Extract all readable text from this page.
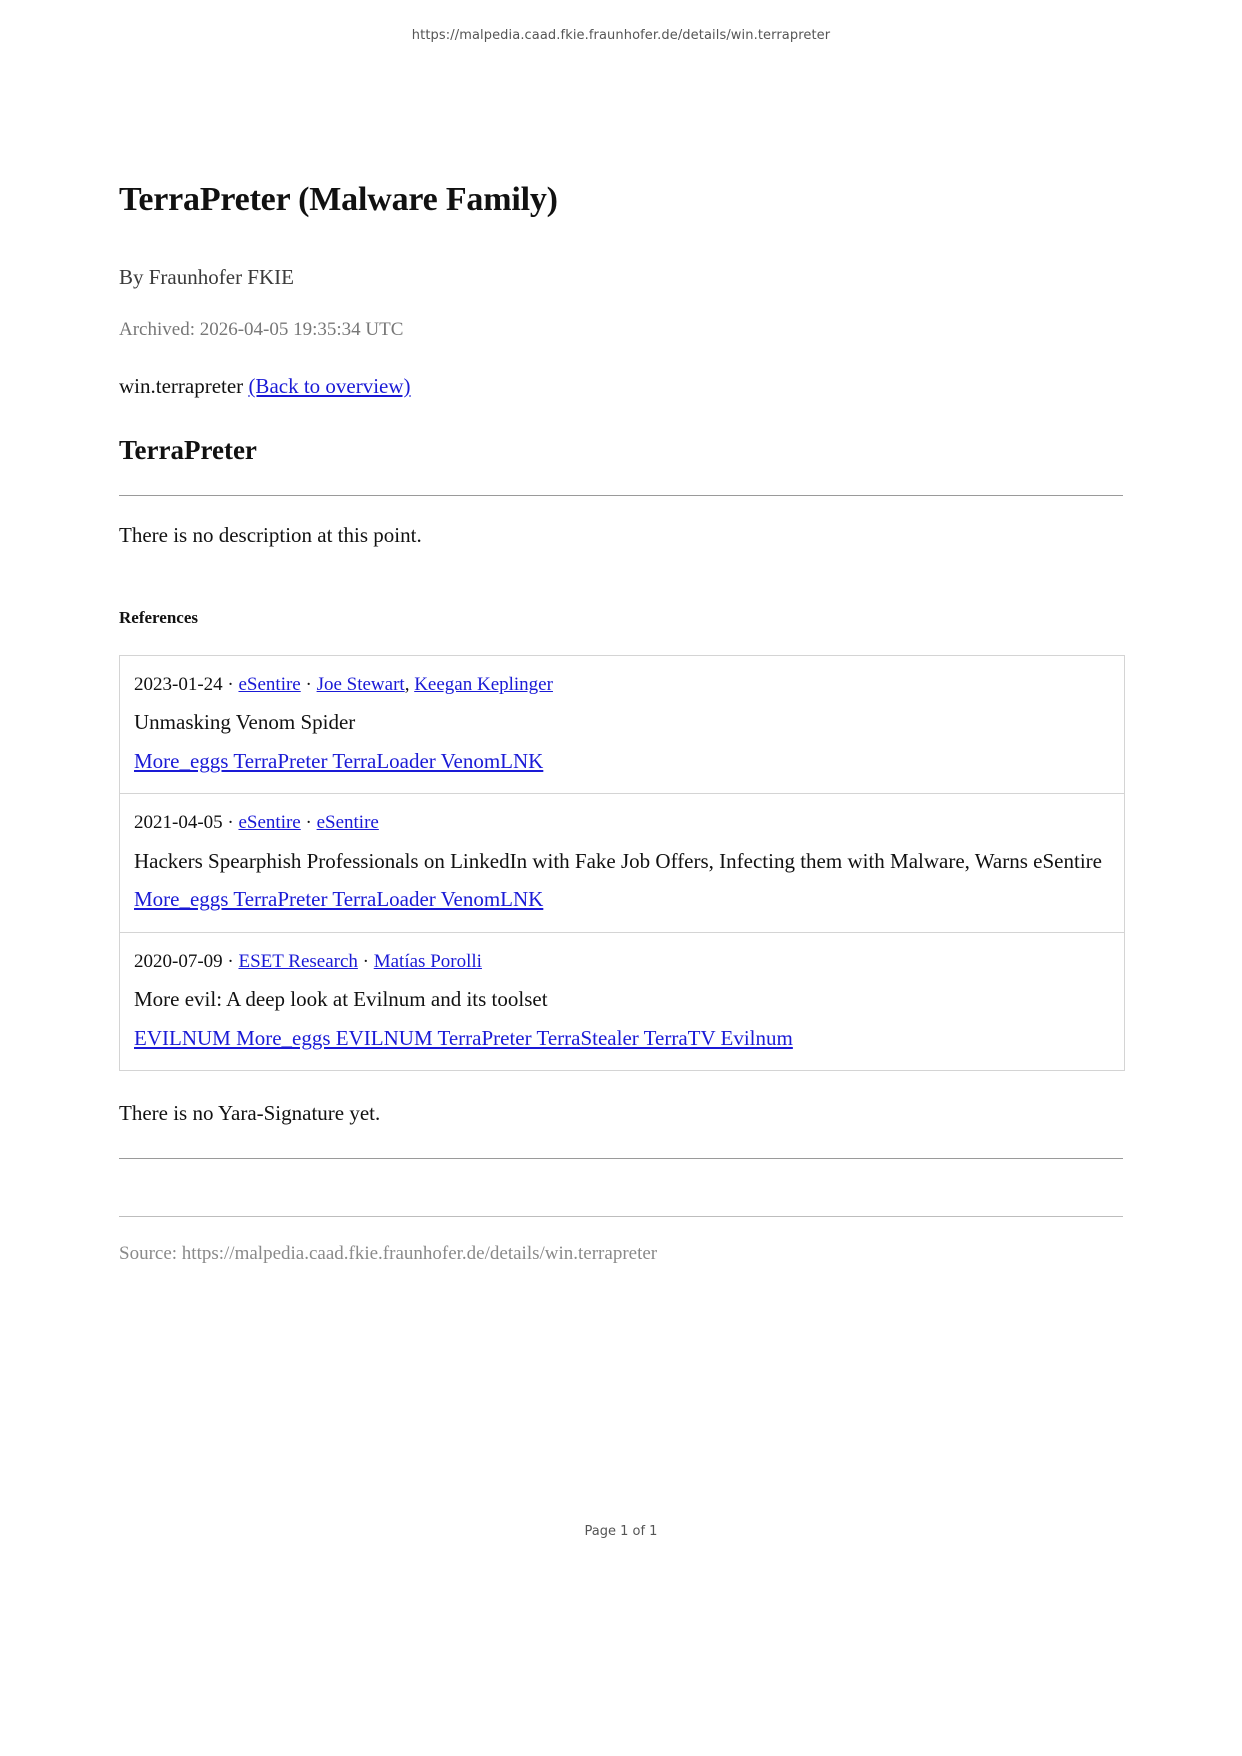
https://malpedia.caad.fkie.fraunhofer.de/details/win.terrapreter
TerraPreter (Malware Family)
By Fraunhofer FKIE
Archived: 2026-04-05 19:35:34 UTC
win.terrapreter (Back to overview)
TerraPreter
There is no description at this point.
References
2023-01-24 · eSentire · Joe Stewart, Keegan Keplinger
Unmasking Venom Spider
More_eggs TerraPreter TerraLoader VenomLNK
2021-04-05 · eSentire · eSentire
Hackers Spearphish Professionals on LinkedIn with Fake Job Offers, Infecting them with Malware, Warns eSentire
More_eggs TerraPreter TerraLoader VenomLNK
2020-07-09 · ESET Research · Matías Porolli
More evil: A deep look at Evilnum and its toolset
EVILNUM More_eggs EVILNUM TerraPreter TerraStealer TerraTV Evilnum
There is no Yara-Signature yet.
Source: https://malpedia.caad.fkie.fraunhofer.de/details/win.terrapreter
Page 1 of 1
